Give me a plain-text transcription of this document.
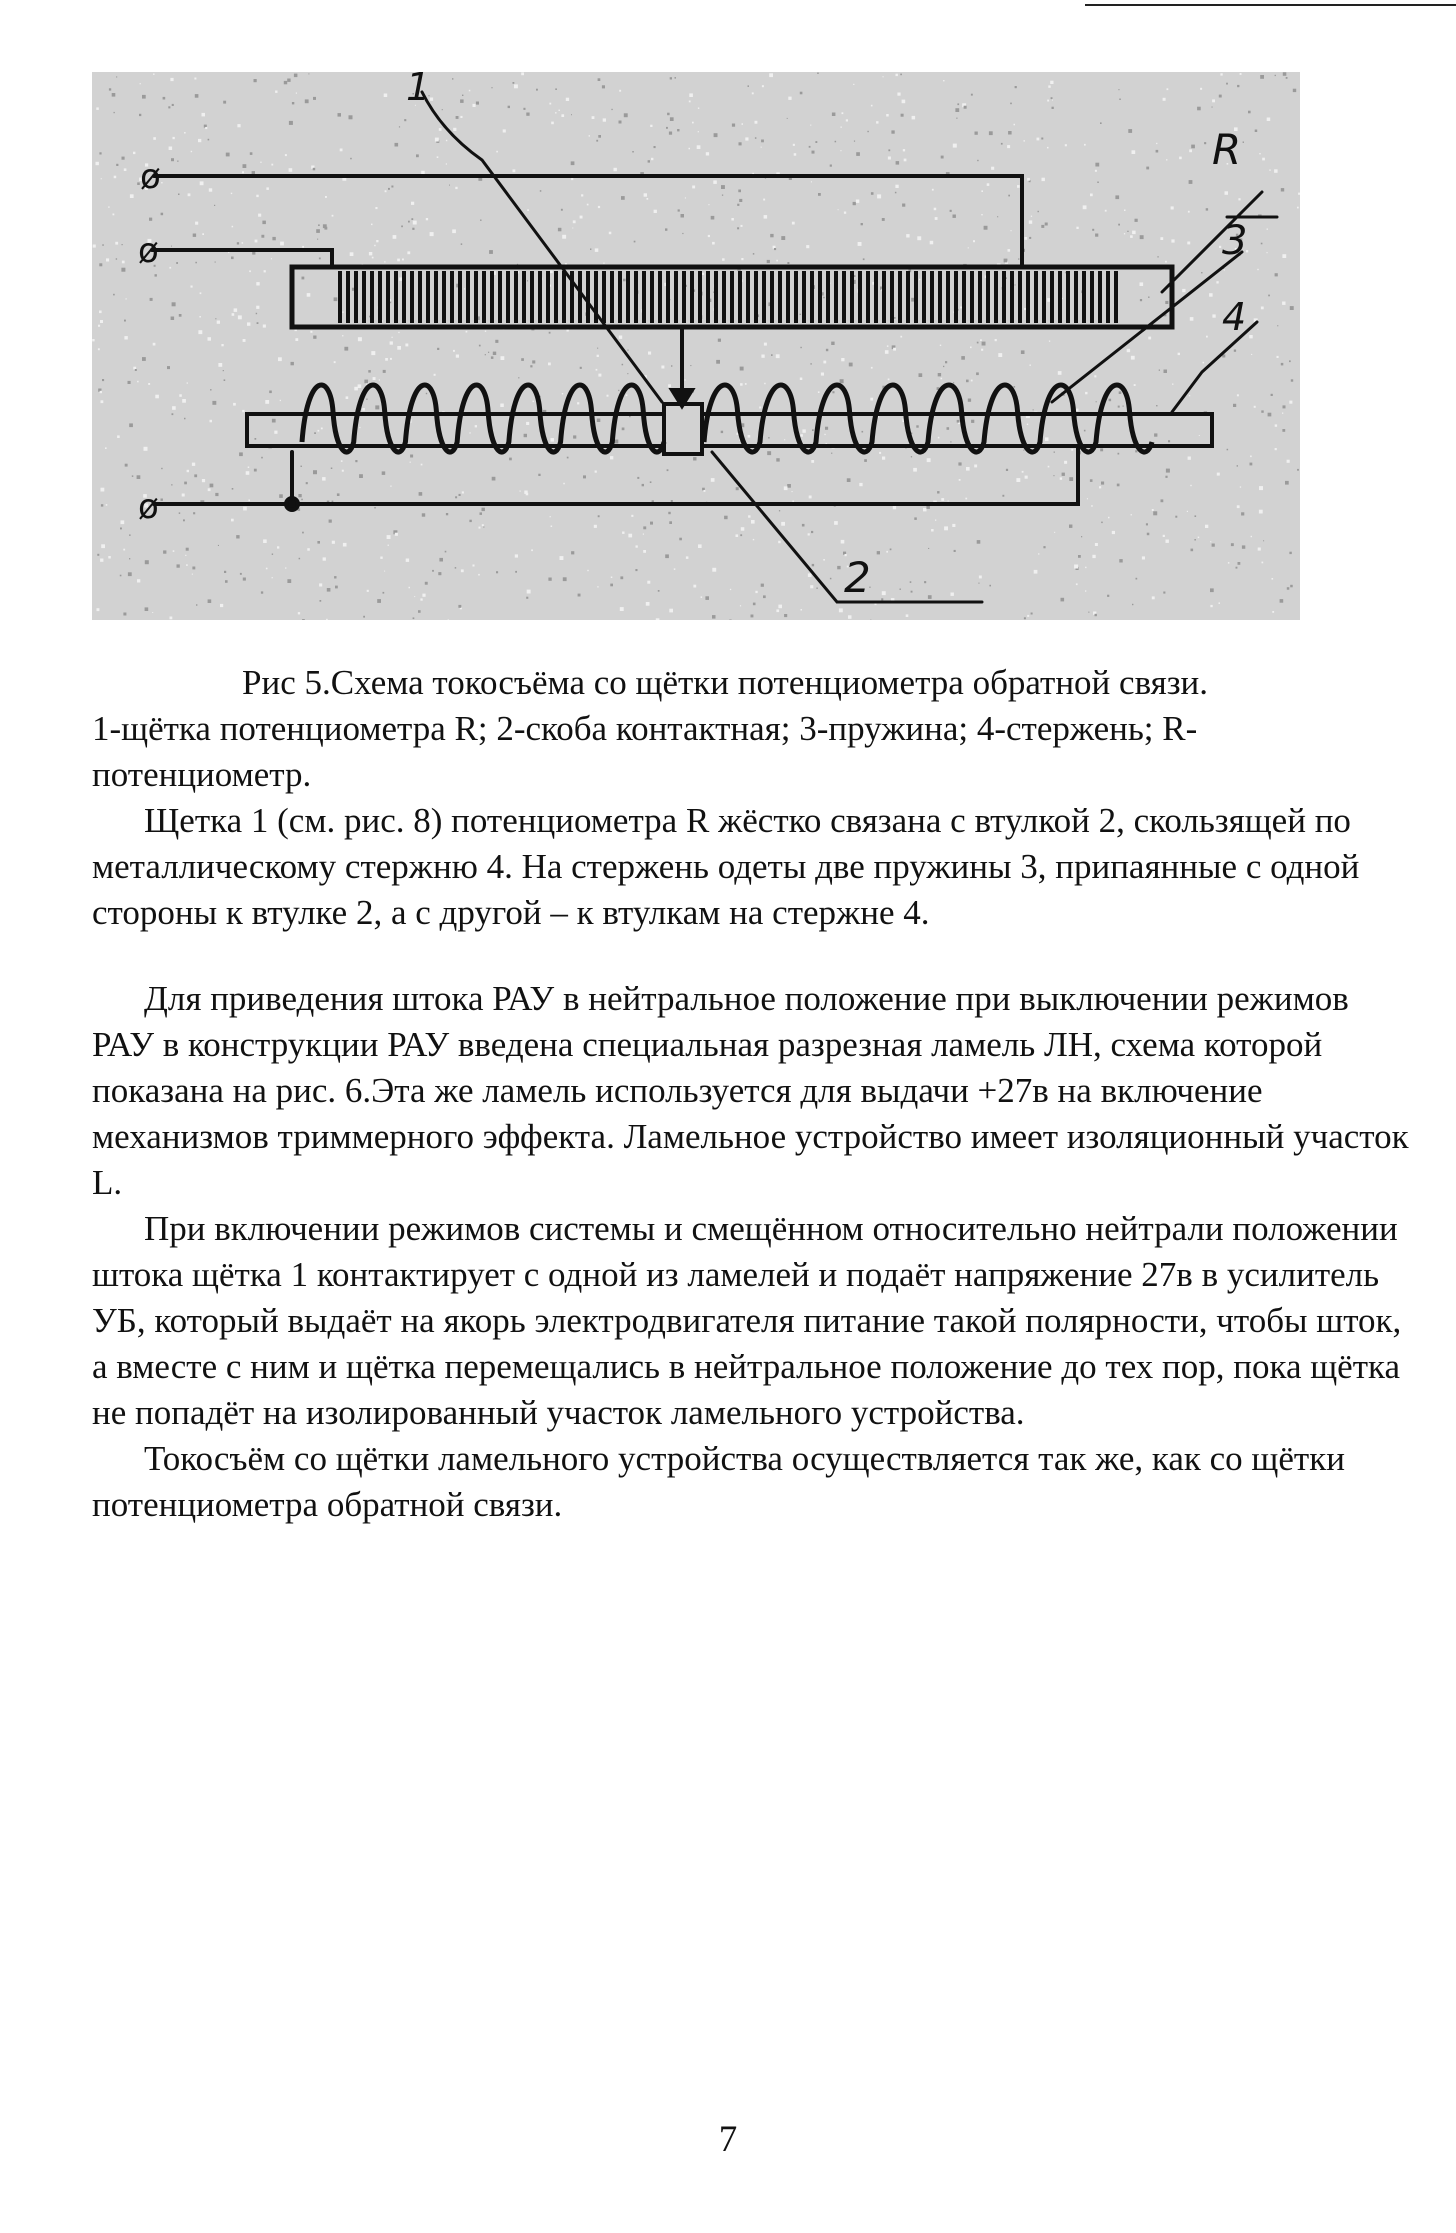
ø
ø
ø
1
R
3
4
2
Рис 5.Схема токосъёма со щётки потенциометра обратной связи.
1-щётка потенциометра R; 2-скоба контактная; 3-пружина; 4-стержень; R-
потенциометр.

Щетка 1 (см. рис. 8) потенциометра R жёстко связана с втулкой 2, скользящей по металлическому стержню 4. На стержень одеты две пружины 3, припаянные с одной стороны к втулке 2, а с другой – к втулкам на стержне 4.

Для приведения штока РАУ в нейтральное положение при выключении режимов РАУ в конструкции РАУ введена специальная разрезная ламель ЛН, схема которой показана на рис. 6.Эта же ламель используется для выдачи +27в на включение механизмов триммерного эффекта. Ламельное устройство имеет изоляционный участок L.

При включении режимов системы и смещённом относительно нейтрали положении штока щётка 1 контактирует с одной из ламелей и подаёт напряжение 27в в усилитель УБ, который выдаёт на якорь электродвигателя питание такой полярности, чтобы шток, а вместе с ним и щётка перемещались в нейтральное положение до тех пор, пока щётка не попадёт на изолированный участок ламельного устройства.

Токосъём со щётки ламельного устройства осуществляется так же, как со щётки потенциометра обратной связи.

7
